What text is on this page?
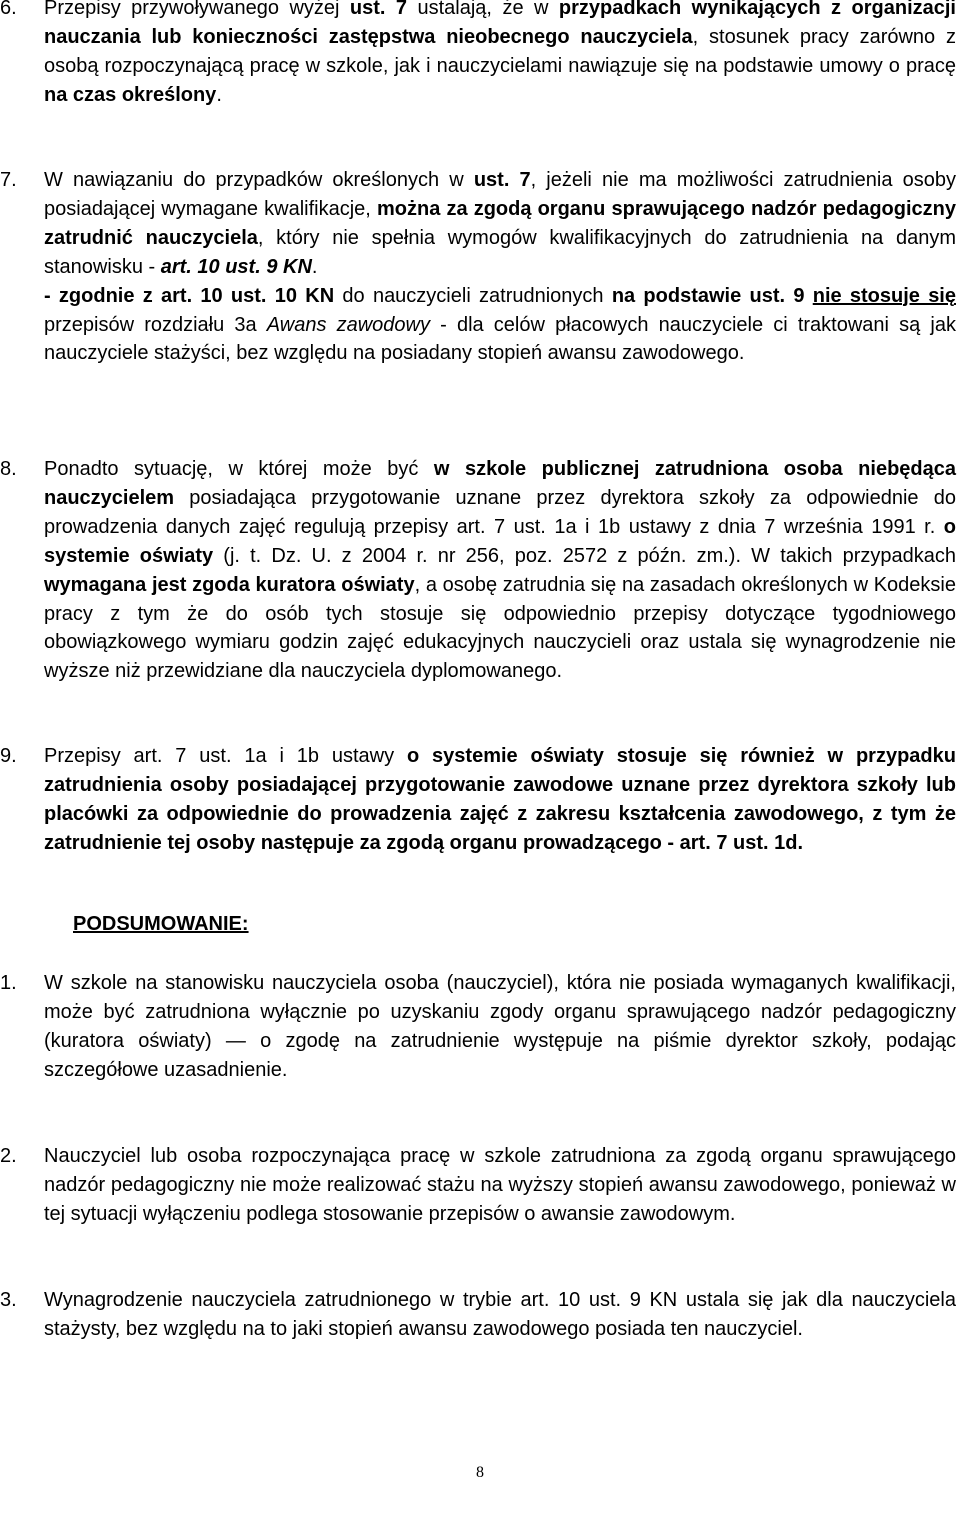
6. Przepisy przywoływanego wyżej ust. 7 ustalają, że w przypadkach wynikających z organizacji nauczania lub konieczności zastępstwa nieobecnego nauczyciela, stosunek pracy zarówno z osobą rozpoczynającą pracę w szkole, jak i nauczycielami nawiązuje się na podstawie umowy o pracę na czas określony.
7. W nawiązaniu do przypadków określonych w ust. 7, jeżeli nie ma możliwości zatrudnienia osoby posiadającej wymagane kwalifikacje, można za zgodą organu sprawującego nadzór pedagogiczny zatrudnić nauczyciela, który nie spełnia wymogów kwalifikacyjnych do zatrudnienia na danym stanowisku - art. 10 ust. 9 KN.

- zgodnie z art. 10 ust. 10 KN do nauczycieli zatrudnionych na podstawie ust. 9 nie stosuje się przepisów rozdziału 3a Awans zawodowy - dla celów płacowych nauczyciele ci traktowani są jak nauczyciele stażyści, bez względu na posiadany stopień awansu zawodowego.

8. Ponadto sytuację, w której może być w szkole publicznej zatrudniona osoba niebędąca nauczycielem posiadająca przygotowanie uznane przez dyrektora szkoły za odpowiednie do prowadzenia danych zajęć regulują przepisy art. 7 ust. 1a i 1b ustawy z dnia 7 września 1991 r. o systemie oświaty (j. t. Dz. U. z 2004 r. nr 256, poz. 2572 z późn. zm.). W takich przypadkach wymagana jest zgoda kuratora oświaty, a osobę zatrudnia się na zasadach określonych w Kodeksie pracy z tym że do osób tych stosuje się odpowiednio przepisy dotyczące tygodniowego obowiązkowego wymiaru godzin zajęć edukacyjnych nauczycieli oraz ustala się wynagrodzenie nie wyższe niż przewidziane dla nauczyciela dyplomowanego.
9. Przepisy art. 7 ust. 1a i 1b ustawy o systemie oświaty stosuje się również w przypadku zatrudnienia osoby posiadającej przygotowanie zawodowe uznane przez dyrektora szkoły lub placówki za odpowiednie do prowadzenia zajęć z zakresu kształcenia zawodowego, z tym że zatrudnienie tej osoby następuje za zgodą organu prowadzącego - art. 7 ust. 1d.
PODSUMOWANIE:
1. W szkole na stanowisku nauczyciela osoba (nauczyciel), która nie posiada wymaganych kwalifikacji, może być zatrudniona wyłącznie po uzyskaniu zgody organu sprawującego nadzór pedagogiczny (kuratora oświaty) — o zgodę na zatrudnienie występuje na piśmie dyrektor szkoły, podając szczegółowe uzasadnienie.
2. Nauczyciel lub osoba rozpoczynająca pracę w szkole zatrudniona za zgodą organu sprawującego nadzór pedagogiczny nie może realizować stażu na wyższy stopień awansu zawodowego, ponieważ w tej sytuacji wyłączeniu podlega stosowanie przepisów o awansie zawodowym.
3. Wynagrodzenie nauczyciela zatrudnionego w trybie art. 10 ust. 9 KN ustala się jak dla nauczyciela stażysty, bez względu na to jaki stopień awansu zawodowego posiada ten nauczyciel.
8
